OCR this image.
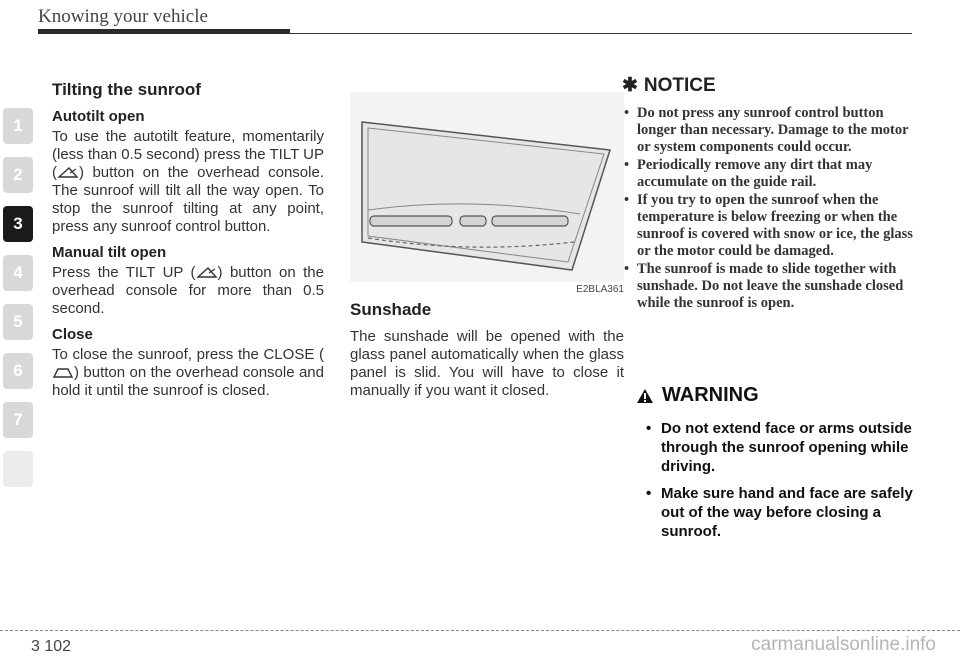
Knowing your vehicle
1
2
3
4
5
6
7
Tilting the sunroof
Autotilt open

To use the autotilt feature, momentarily (less than 0.5 second) press the TILT UP ( ) button on the overhead console. The sunroof will tilt all the way open. To stop the sunroof tilting at any point, press any sunroof control button.

Manual tilt open

Press the TILT UP ( ) button on the overhead console for more than 0.5 second.

Close

To close the sunroof, press the CLOSE () button on the overhead console and hold it until the sunroof is closed.

E2BLA361
Sunshade

The sunshade will be opened with the glass panel automatically when the glass panel is slid. You will have to close it manually if you want it closed.

✱ NOTICE
• Do not press any sunroof control button longer than necessary. Damage to the motor or system components could occur.
• Periodically remove any dirt that may accumulate on the guide rail.
• If you try to open the sunroof when the temperature is below freezing or when the sunroof is covered with snow or ice, the glass or the motor could be damaged.
• The sunroof is made to slide together with sunshade. Do not leave the sunshade closed while the sunroof is open.
WARNING
• Do not extend face or arms outside through the sunroof opening while driving.
• Make sure hand and face are safely out of the way before closing a sunroof.
3 102	carmanualsonline.info
